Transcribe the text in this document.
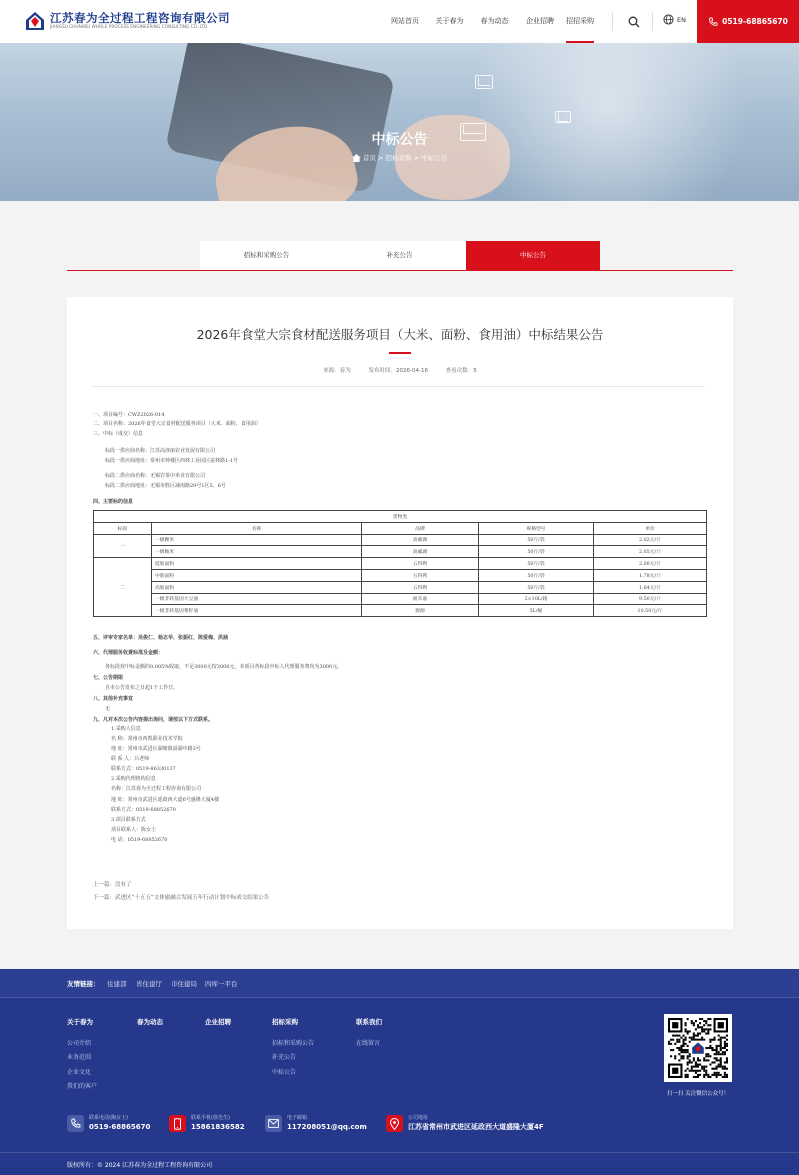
江苏春为全过程工程咨询有限公司
JIANGSU CHUNWEI WHOLE PROCESS ENGINEERING CONSULTING CO.,LTD
网站首页	关于春为	春为动态	企业招聘	招招采购	EN	0519-68865670
中标公告
首页 > 招标采购 > 中标公告
招标和采购公告	补充公告	中标公告
2026年食堂大宗食材配送服务项目（大米、面粉、食用油）中标结果公告
来源：春为	发布时间：2026-04-16	查看次数：5
一、项目编号：CWZ2026-014
二、项目名称：2026年食堂大宗食材配送服务项目（大米、面粉、食用油）
三、中标（成交）信息
标段一供应商名称：江苏高淳丽农业发展有限公司
标段一供应商地址：常州市钟楼区西林工业园区富林路1-1号
标段二供应商名称：无锡岩茶中米业有限公司
标段二供应商地址：无锡市胜区减南路29号1区5、6号
四、主要标的信息
货物类				
标段	名称	品牌	规格型号	单价
一	一级粳米	高邮湖	50斤/袋	2.02元/斤
	一级籼米	高邮湖	50斤/袋	2.05元/斤
二	低筋面粉	五得利	50斤/袋	2.00元/斤
	中筋面粉	五得利	50斤/袋	1.78元/斤
	高筋面粉	五得利	50斤/袋	1.64元/斤
	一级非转基因大豆油	福禾嘉	2×10L/箱	9.50元/斤
	一级非转基因菜籽油	源源	5L/桶	10.50元/斤
五、评审专家名单：吴俊仁、杨志华、张振红、陈爱梅、洪涵
六、代理服务收费标准及金额：
各标段按中标金额的0.005%收取，不足3000元按3000元，本项目各标段中标人代理服务费均为3000元。
七、公告期限
自本公告发布之日起1个工作日。
八、其他补充事宜
无
九、凡对本次公告内容提出询问，请按以下方式联系。
1.采购人信息
名 称：常州市西凯职业技术学院
地 址：常州市武进区湖塘镇滆湖中路3号
联 系 人：吕老师
联系方式：0519-86330137
2.采购代理机构信息
名称：江苏春为全过程工程咨询有限公司
地 址：常州市武进区延政西大道6号盛隆大厦4楼
联系方式：0519-68852670
3.项目联系方式
项目联系人：陈女士
电 话：0519-68852670
上一篇：没有了
下一篇：武进区“十五五”文体旅融合发展五年行动计划中标成交结果公告
友情链接： 住建部 省住建厅 市住建局 四库一平台
关于春为
公司介绍
业务范围
企业文化
我们的客户
春为动态	企业招聘	招标采购
招标和采购公告
补充公告
中标公告
联系我们
在线留言
扫一扫 关注微信公众号！
联系电话(陶女士)
0519-68865670
联系手机(徐先生)
15861836582
电子邮箱
117208051@qq.com
公司地址
江苏省常州市武进区延政西大道盛隆大厦4F
版权所有：© 2024 江苏春为全过程工程咨询有限公司
